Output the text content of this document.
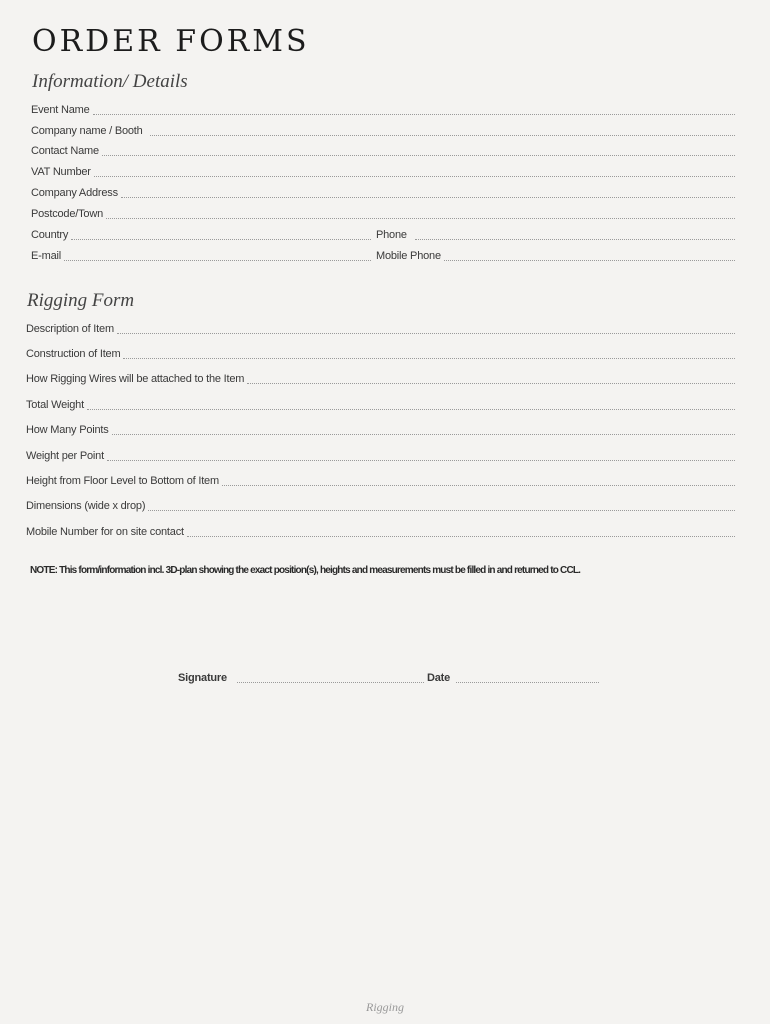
ORDER FORMS
Information/ Details
Event Name
Company name / Booth
Contact Name
VAT Number
Company Address
Postcode/Town
Country	Phone
E-mail	Mobile Phone
Rigging Form
Description of Item
Construction of Item
How Rigging Wires will be attached to the Item
Total Weight
How Many Points
Weight per Point
Height from Floor Level to Bottom of Item
Dimensions (wide x drop)
Mobile Number for on site contact
NOTE: This form/information incl. 3D-plan showing the exact position(s), heights and measurements must be filled in and returned to CCL.
Signature	Date
Rigging
